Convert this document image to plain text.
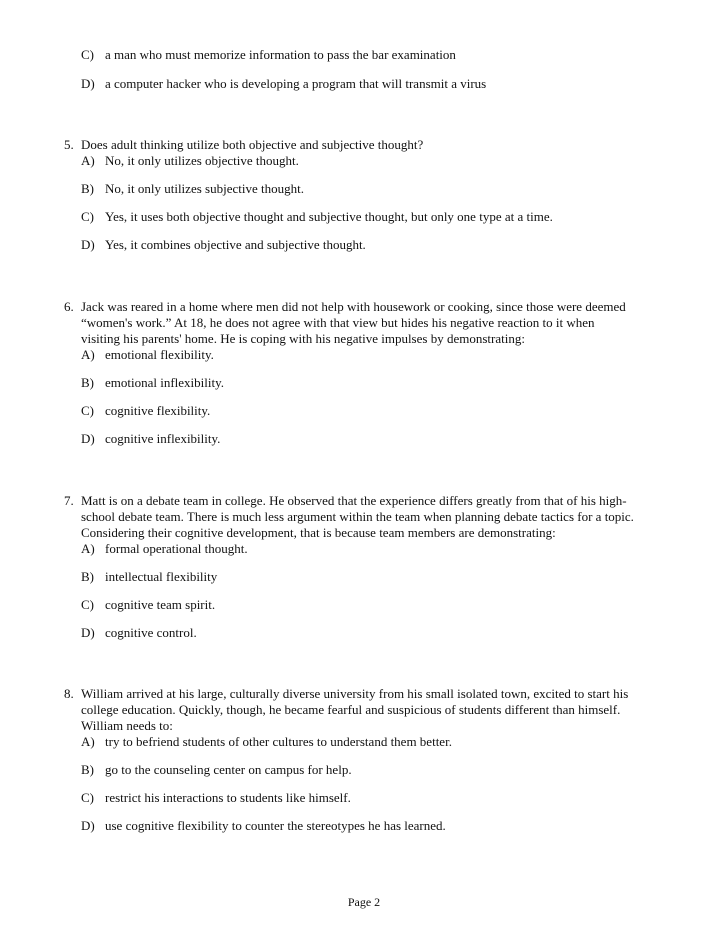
C) a man who must memorize information to pass the bar examination
D) a computer hacker who is developing a program that will transmit a virus
5. Does adult thinking utilize both objective and subjective thought?
A) No, it only utilizes objective thought.
B) No, it only utilizes subjective thought.
C) Yes, it uses both objective thought and subjective thought, but only one type at a time.
D) Yes, it combines objective and subjective thought.
6. Jack was reared in a home where men did not help with housework or cooking, since those were deemed
“women's work.” At 18, he does not agree with that view but hides his negative reaction to it when
visiting his parents' home. He is coping with his negative impulses by demonstrating:
A) emotional flexibility.
B) emotional inflexibility.
C) cognitive flexibility.
D) cognitive inflexibility.
7. Matt is on a debate team in college. He observed that the experience differs greatly from that of his high-
school debate team. There is much less argument within the team when planning debate tactics for a topic.
Considering their cognitive development, that is because team members are demonstrating:
A) formal operational thought.
B) intellectual flexibility
C) cognitive team spirit.
D) cognitive control.
8. William arrived at his large, culturally diverse university from his small isolated town, excited to start his
college education. Quickly, though, he became fearful and suspicious of students different than himself.
William needs to:
A) try to befriend students of other cultures to understand them better.
B) go to the counseling center on campus for help.
C) restrict his interactions to students like himself.
D) use cognitive flexibility to counter the stereotypes he has learned.
Page 2
